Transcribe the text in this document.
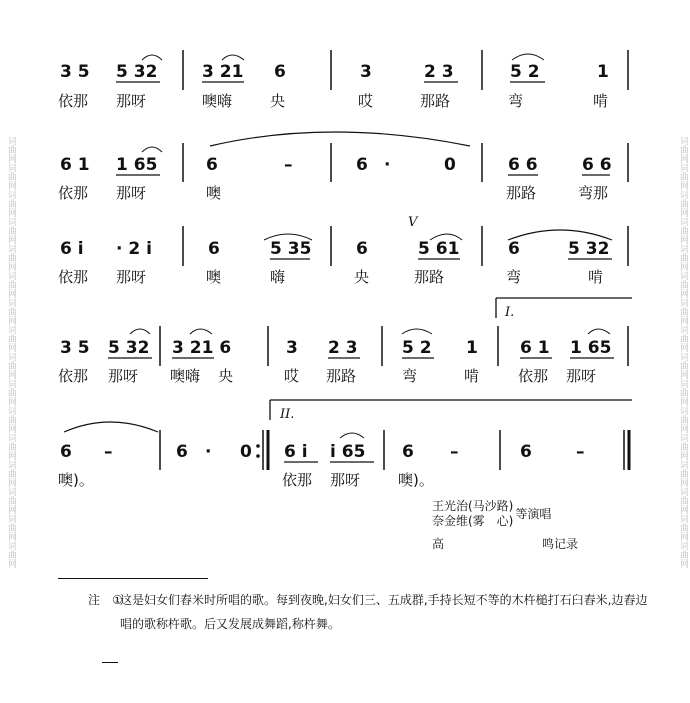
词曲网词曲网词曲网词曲网词曲网词曲网词曲网词曲网词曲网词曲网词曲网词曲网词曲网词曲网词曲网词曲网	词曲网词曲网词曲网词曲网词曲网词曲网词曲网词曲网词曲网词曲网词曲网词曲网词曲网词曲网词曲网词曲网
3 5 5 32	3 21 6	3	2 3	5 2	1
依那 那呀	噢嗨	央	哎	那路	弯	啃
6 1 1 65	6	–	6 ·	0	6 6	6 6
依那 那呀	噢	那路	弯那
V
6 i · 2 i	6	5 35	6	5 61	6	5 32
依那 那呀	噢	嗨	央	那路	弯	啃
I.
3 5 5 32 3 21 6	3 2 3	5 2 1 6 1 1 65
依那 那呀 噢嗨 央	哎 那路	弯	啃	依那 那呀
II.
6 –	6 · 0 6 i i 65 6 –	6	–
噢)。	依那 那呀	噢)。
王光治(马沙路)
奈金维(雾　心)
等演唱
高	鸣记录
注　①
这是妇女们舂米时所唱的歌。每到夜晚,妇女们三、五成群,手持长短不等的木杵槌打石臼舂米,边舂边唱的歌称杵歌。后又发展成舞蹈,称杵舞。
